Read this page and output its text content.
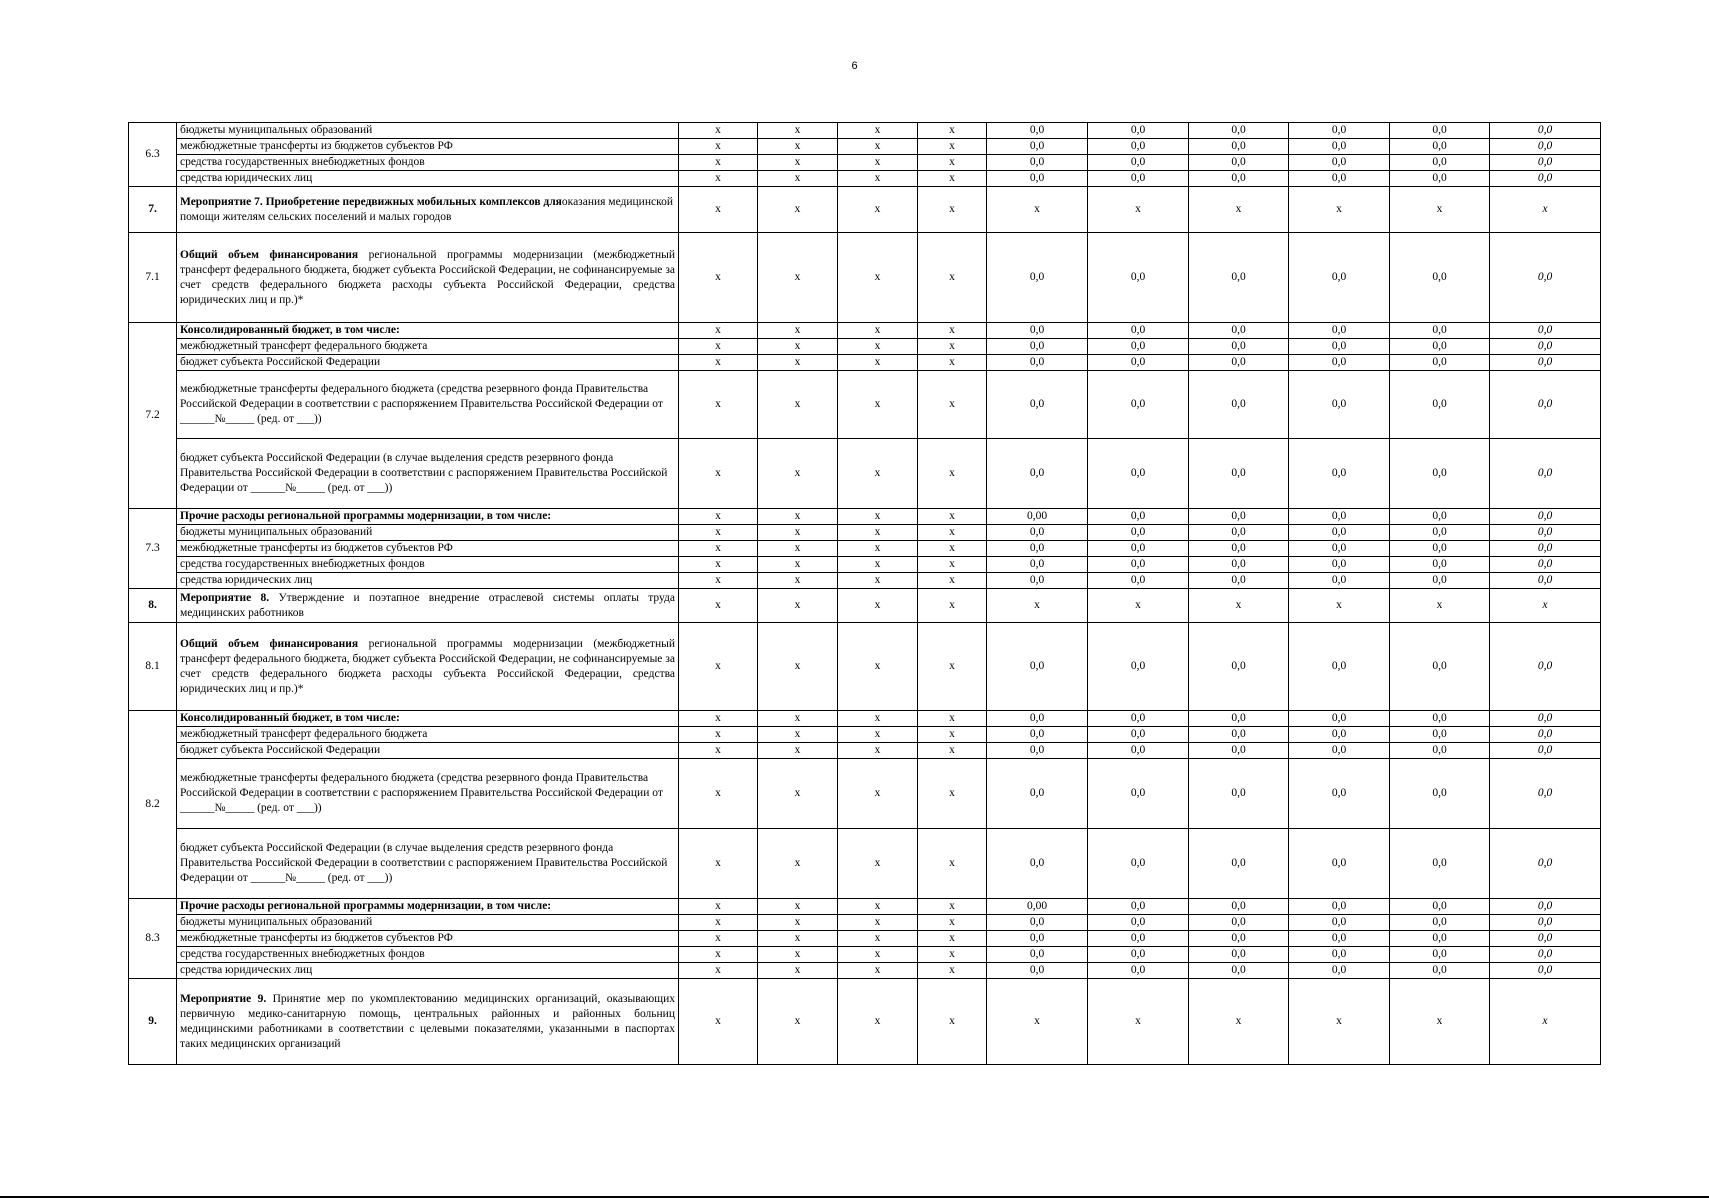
6
6.3	бюджеты муниципальных образований	x	x	x	x	0,0	0,0	0,0	0,0	0,0	0,0
	межбюджетные трансферты из бюджетов субъектов РФ	x	x	x	x	0,0	0,0	0,0	0,0	0,0	0,0
	средства государственных внебюджетных фондов	x	x	x	x	0,0	0,0	0,0	0,0	0,0	0,0
	средства юридических лиц	x	x	x	x	0,0	0,0	0,0	0,0	0,0	0,0
7.	Мероприятие 7. Приобретение передвижных мобильных комплексов дляоказания медицинской помощи жителям сельских поселений и малых городов	x	x	x	x	x	x	x	x	x	x
7.1	Общий объем финансирования региональной программы модернизации (межбюджетный трансферт федерального бюджета, бюджет субъекта Российской Федерации, не софинансируемые за счет средств федерального бюджета расходы субъекта Российской Федерации, средства юридических лиц и пр.)*	x	x	x	x	0,0	0,0	0,0	0,0	0,0	0,0
7.2	Консолидированный бюджет, в том числе:	x	x	x	x	0,0	0,0	0,0	0,0	0,0	0,0
	межбюджетный трансферт федерального бюджета	x	x	x	x	0,0	0,0	0,0	0,0	0,0	0,0
	бюджет субъекта Российской Федерации	x	x	x	x	0,0	0,0	0,0	0,0	0,0	0,0
	межбюджетные трансферты федерального бюджета (средства резервного фонда Правительства Российской Федерации в соответствии с распоряжением Правительства Российской Федерации от ______№_____ (ред. от ___))	x	x	x	x	0,0	0,0	0,0	0,0	0,0	0,0
	бюджет субъекта Российской Федерации (в случае выделения средств резервного фонда Правительства Российской Федерации в соответствии с распоряжением Правительства Российской Федерации от ______№_____ (ред. от ___))	x	x	x	x	0,0	0,0	0,0	0,0	0,0	0,0
7.3	Прочие расходы региональной программы модернизации, в том числе:	x	x	x	x	0,00	0,0	0,0	0,0	0,0	0,0
	бюджеты муниципальных образований	x	x	x	x	0,0	0,0	0,0	0,0	0,0	0,0
	межбюджетные трансферты из бюджетов субъектов РФ	x	x	x	x	0,0	0,0	0,0	0,0	0,0	0,0
	средства государственных внебюджетных фондов	x	x	x	x	0,0	0,0	0,0	0,0	0,0	0,0
	средства юридических лиц	x	x	x	x	0,0	0,0	0,0	0,0	0,0	0,0
8.	Мероприятие 8. Утверждение и поэтапное внедрение отраслевой системы оплаты труда медицинских работников	x	x	x	x	x	x	x	x	x	x
8.1	Общий объем финансирования региональной программы модернизации (межбюджетный трансферт федерального бюджета, бюджет субъекта Российской Федерации, не софинансируемые за счет средств федерального бюджета расходы субъекта Российской Федерации, средства юридических лиц и пр.)*	x	x	x	x	0,0	0,0	0,0	0,0	0,0	0,0
8.2	Консолидированный бюджет, в том числе:	x	x	x	x	0,0	0,0	0,0	0,0	0,0	0,0
	межбюджетный трансферт федерального бюджета	x	x	x	x	0,0	0,0	0,0	0,0	0,0	0,0
	бюджет субъекта Российской Федерации	x	x	x	x	0,0	0,0	0,0	0,0	0,0	0,0
	межбюджетные трансферты федерального бюджета (средства резервного фонда Правительства Российской Федерации в соответствии с распоряжением Правительства Российской Федерации от ______№_____ (ред. от ___))	x	x	x	x	0,0	0,0	0,0	0,0	0,0	0,0
	бюджет субъекта Российской Федерации (в случае выделения средств резервного фонда Правительства Российской Федерации в соответствии с распоряжением Правительства Российской Федерации от ______№_____ (ред. от ___))	x	x	x	x	0,0	0,0	0,0	0,0	0,0	0,0
8.3	Прочие расходы региональной программы модернизации, в том числе:	x	x	x	x	0,00	0,0	0,0	0,0	0,0	0,0
	бюджеты муниципальных образований	x	x	x	x	0,0	0,0	0,0	0,0	0,0	0,0
	межбюджетные трансферты из бюджетов субъектов РФ	x	x	x	x	0,0	0,0	0,0	0,0	0,0	0,0
	средства государственных внебюджетных фондов	x	x	x	x	0,0	0,0	0,0	0,0	0,0	0,0
	средства юридических лиц	x	x	x	x	0,0	0,0	0,0	0,0	0,0	0,0
9.	Мероприятие 9. Принятие мер по укомплектованию медицинских организаций, оказывающих первичную медико-санитарную помощь, центральных районных и районных больниц медицинскими работниками в соответствии с целевыми показателями, указанными в паспортах таких медицинских организаций	x	x	x	x	x	x	x	x	x	x
